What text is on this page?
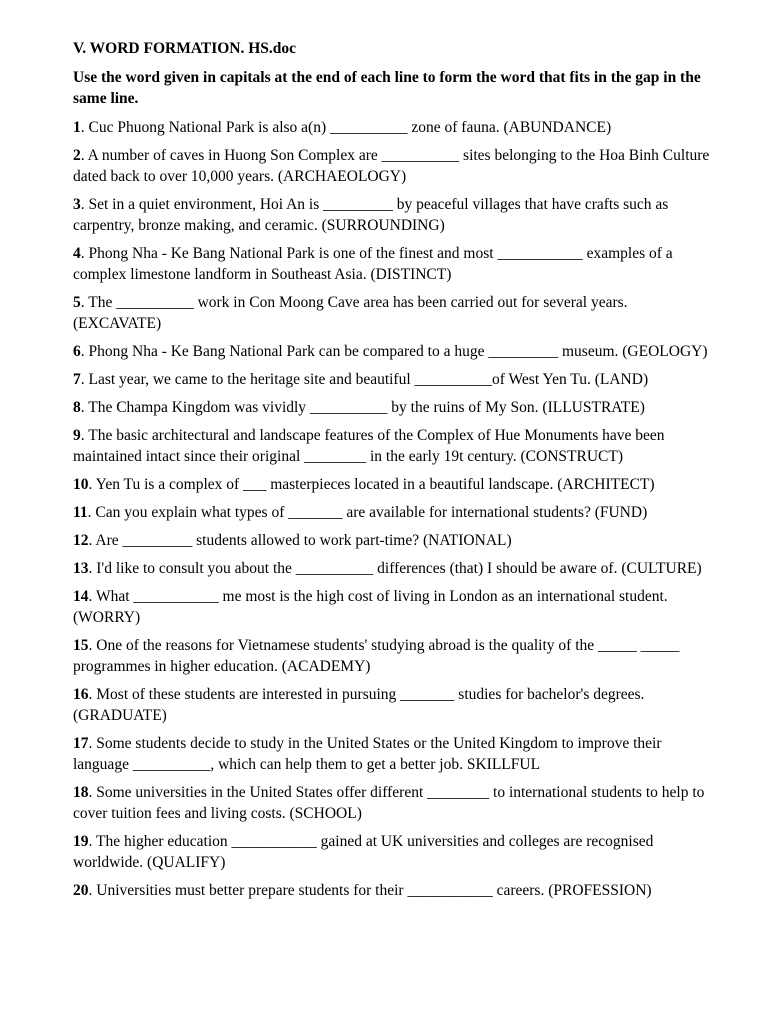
V. WORD FORMATION. HS.doc
Use the word given in capitals at the end of each line to form the word that fits in the gap in the same line.
1. Cuc Phuong National Park is also a(n) __________ zone of fauna. (ABUNDANCE)
2. A number of caves in Huong Son Complex are __________ sites belonging to the Hoa Binh Culture dated back to over 10,000 years. (ARCHAEOLOGY)
3. Set in a quiet environment, Hoi An is _________ by peaceful villages that have crafts such as carpentry, bronze making, and ceramic. (SURROUNDING)
4. Phong Nha - Ke Bang National Park is one of the finest and most ___________ examples of a complex limestone landform in Southeast Asia. (DISTINCT)
5. The __________ work in Con Moong Cave area has been carried out for several years. (EXCAVATE)
6. Phong Nha - Ke Bang National Park can be compared to a huge _________ museum. (GEOLOGY)
7. Last year, we came to the heritage site and beautiful __________of West Yen Tu. (LAND)
8. The Champa Kingdom was vividly __________ by the ruins of My Son. (ILLUSTRATE)
9. The basic architectural and landscape features of the Complex of Hue Monuments have been maintained intact since their original ________ in the early 19t century. (CONSTRUCT)
10. Yen Tu is a complex of ___ masterpieces located in a beautiful landscape. (ARCHITECT)
11. Can you explain what types of _______ are available for international students? (FUND)
12. Are _________ students allowed to work part-time? (NATIONAL)
13. I'd like to consult you about the __________ differences (that) I should be aware of. (CULTURE)
14. What ___________ me most is the high cost of living in London as an international student. (WORRY)
15. One of the reasons for Vietnamese students' studying abroad is the quality of the _____ _____ programmes in higher education. (ACADEMY)
16. Most of these students are interested in pursuing _______ studies for bachelor's degrees. (GRADUATE)
17. Some students decide to study in the United States or the United Kingdom to improve their language __________, which can help them to get a better job. SKILLFUL
18. Some universities in the United States offer different ________ to international students to help to cover tuition fees and living costs. (SCHOOL)
19. The higher education ___________ gained at UK universities and colleges are recognised worldwide. (QUALIFY)
20. Universities must better prepare students for their ___________ careers. (PROFESSION)
